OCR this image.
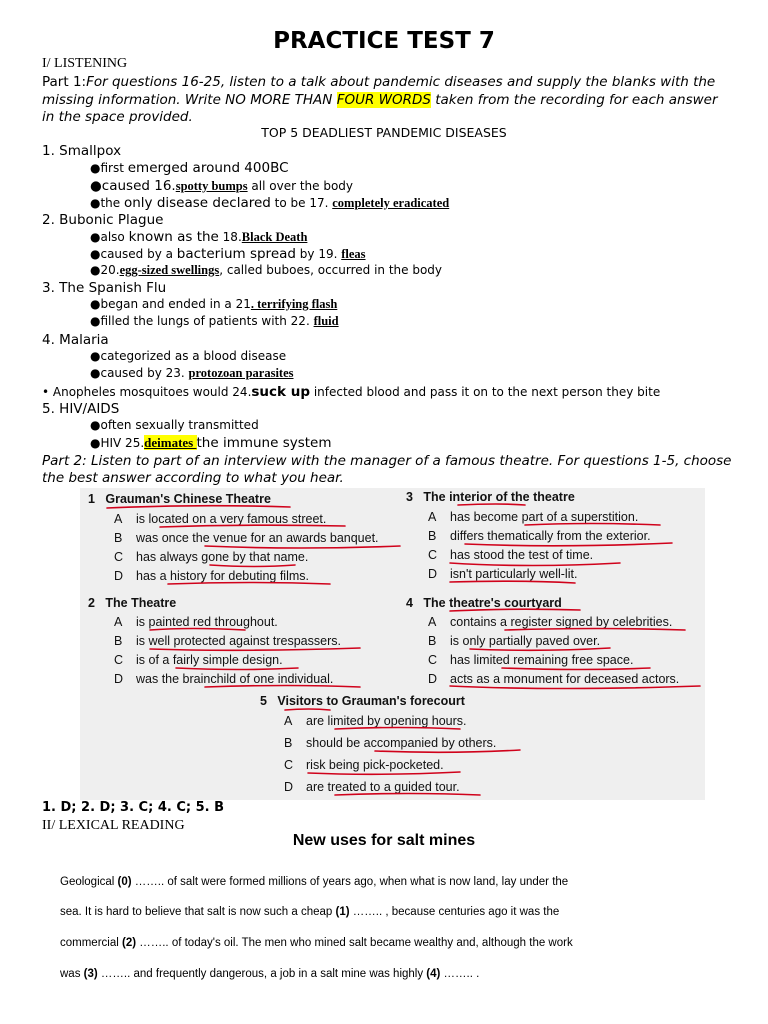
PRACTICE TEST 7
I/ LISTENING
Part 1:For questions 16-25, listen to a talk about pandemic diseases and supply the blanks with the
missing information. Write NO MORE THAN FOUR WORDS taken from the recording for each answer
in the space provided.
TOP 5 DEADLIEST PANDEMIC DISEASES
1. Smallpox
●first emerged around 400BC
●caused 16.spotty bumps all over the body
●the only disease declared to be 17. completely eradicated
2. Bubonic Plague
●also known as the 18.Black Death
●caused by a bacterium spread by 19. fleas
●20.egg-sized swellings, called buboes, occurred in the body
3. The Spanish Flu
●began and ended in a 21. terrifying flash
●filled the lungs of patients with 22. fluid
4. Malaria
●categorized as a blood disease
●caused by 23. protozoan parasites
• Anopheles mosquitoes would 24.suck up infected blood and pass it on to the next person they bite
5. HIV/AIDS
●often sexually transmitted
●HIV 25.deimates the immune system
Part 2: Listen to part of an interview with the manager of a famous theatre. For questions 1-5, choose
the best answer according to what you hear.
1 Grauman's Chinese Theatre
A is located on a very famous street.
B was once the venue for an awards banquet.
C has always gone by that name.
D has a history for debuting films.
2 The Theatre
A is painted red throughout.
B is well protected against trespassers.
C is of a fairly simple design.
D was the brainchild of one individual.
3 The interior of the theatre
A has become part of a superstition.
B differs thematically from the exterior.
C has stood the test of time.
D isn't particularly well-lit.
4 The theatre's courtyard
A contains a register signed by celebrities.
B is only partially paved over.
C has limited remaining free space.
D acts as a monument for deceased actors.
5 Visitors to Grauman's forecourt
A are limited by opening hours.
B should be accompanied by others.
C risk being pick-pocketed.
D are treated to a guided tour.
1. D; 2. D; 3. C; 4. C; 5. B
II/ LEXICAL READING
New uses for salt mines
Geological (0) …….. of salt were formed millions of years ago, when what is now land, lay under the
sea. It is hard to believe that salt is now such a cheap (1) …….. , because centuries ago it was the
commercial (2) …….. of today's oil. The men who mined salt became wealthy and, although the work
was (3) …….. and frequently dangerous, a job in a salt mine was highly (4) …….. .
